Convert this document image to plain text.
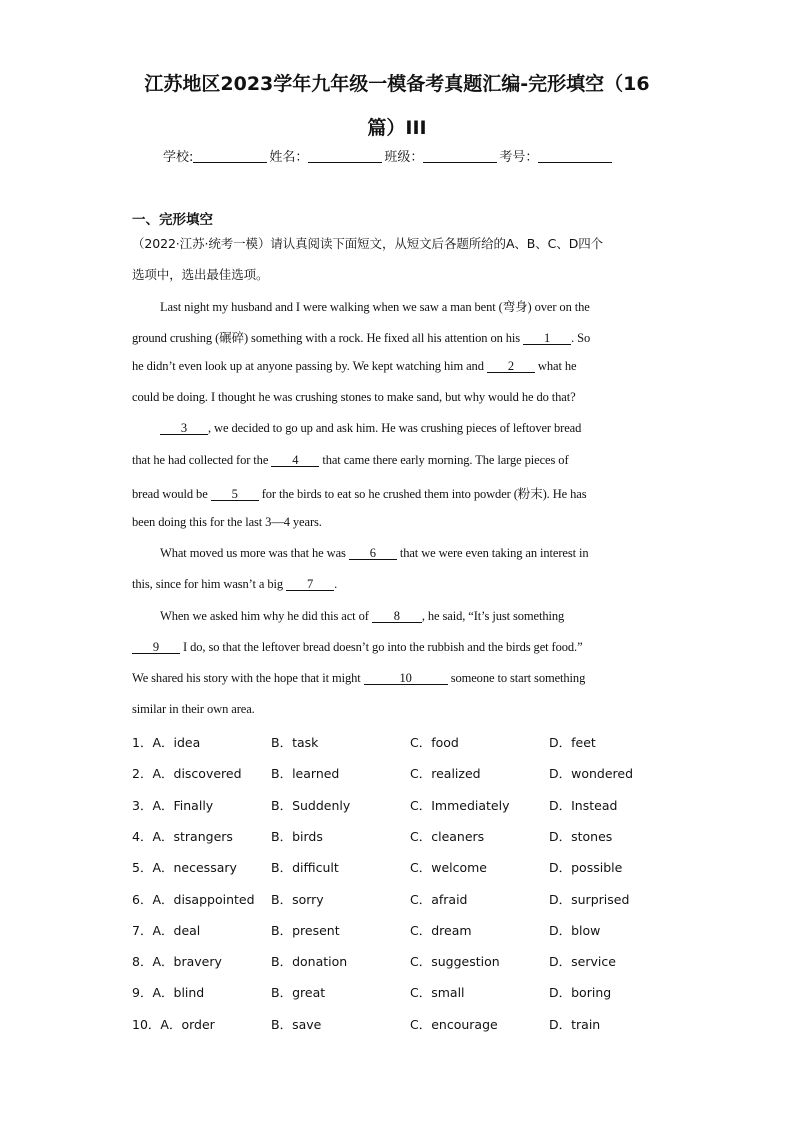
江苏地区2023学年九年级一模备考真题汇编-完形填空（16
篇）III
学校:	姓名：	班级：	考号：
一、完形填空
（2022·江苏·统考一模）请认真阅读下面短文，从短文后各题所给的A、B、C、D四个
选项中，选出最佳选项。
Last night my husband and I were walking when we saw a man bent (弯身) over on the
ground crushing (碾碎) something with a rock. He fixed all his attention on his 1 . So
he didn’t even look up at anyone passing by. We kept watching him and 2 what he
could be doing. I thought he was crushing stones to make sand, but why would he do that?
3 , we decided to go up and ask him. He was crushing pieces of leftover bread
that he had collected for the 4 that came there early morning. The large pieces of
bread would be 5 for the birds to eat so he crushed them into powder (粉末). He has
been doing this for the last 3—4 years.
What moved us more was that he was 6 that we were even taking an interest in
this, since for him wasn’t a big 7 .
When we asked him why he did this act of 8 , he said, “It’s just something
9 I do, so that the leftover bread doesn’t go into the rubbish and the birds get food.”
We shared his story with the hope that it might	10	someone to start something
similar in their own area.
1．A．idea	B．task	C．food	D．feet
2．A．discovered B．learned	C．realized	D．wondered
3．A．Finally	B．Suddenly	C．Immediately	D．Instead
4．A．strangers	B．birds	C．cleaners	D．stones
5．A．necessary	B．difficult	C．welcome	D．possible
6．A．disappointed B．sorry	C．afraid	D．surprised
7．A．deal	B．present	C．dream	D．blow
8．A．bravery	B．donation	C．suggestion	D．service
9．A．blind	B．great	C．small	D．boring
10．A．order	B．save	C．encourage	D．train
